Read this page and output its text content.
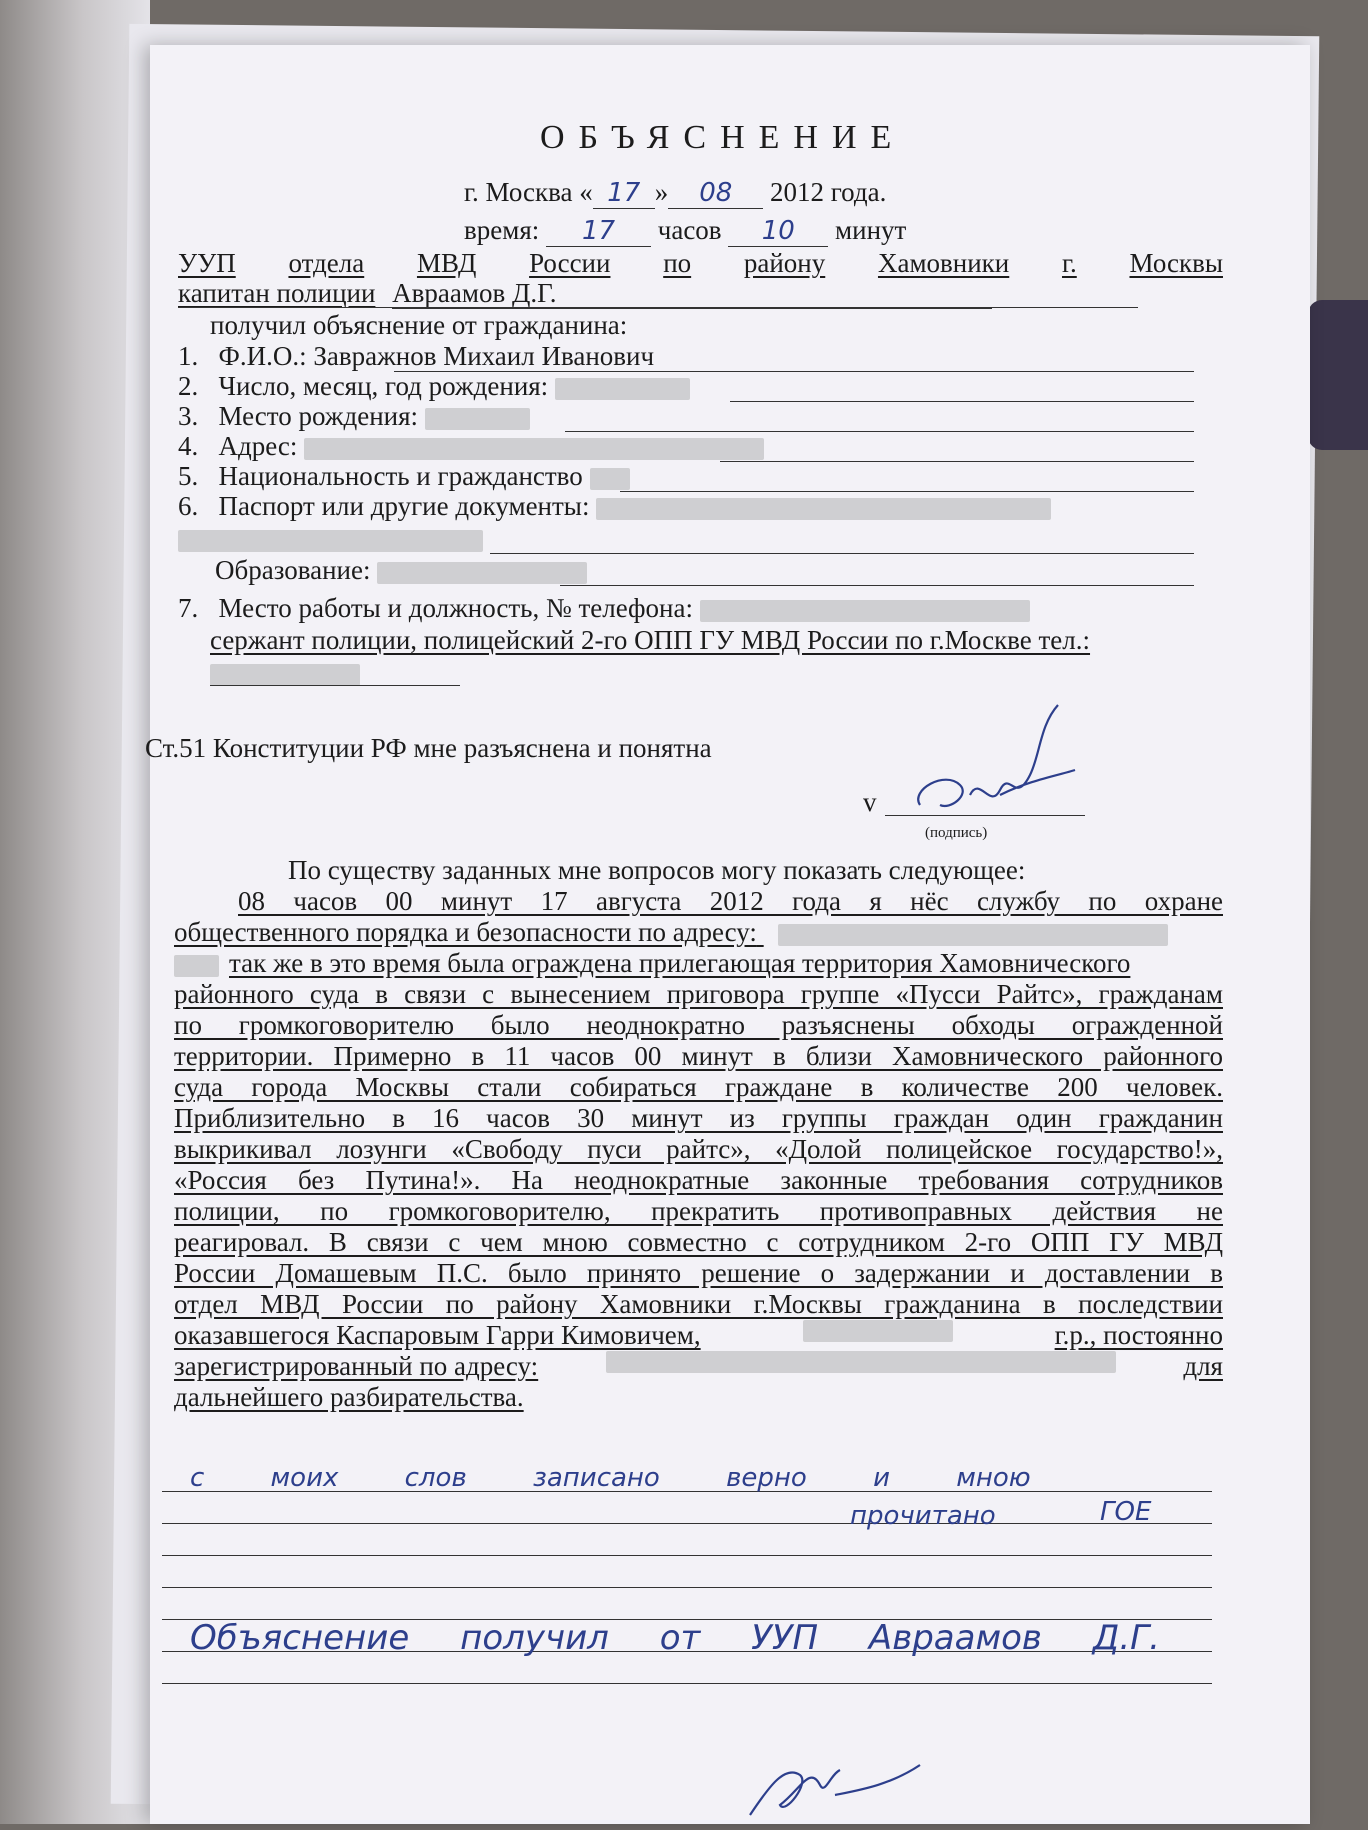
ОБЪЯСНЕНИЕ
г. Москва « 17 » 08 2012 года.
время: 17 часов 10 минут
УУП отдела МВД России по району Хамовники г. Москвы
капитан полиции Авраамов Д.Г.
получил объяснение от гражданина:
1. Ф.И.О.: Завражнов Михаил Иванович
2. Число, месяц, год рождения:
3. Место рождения:
4. Адрес:
5. Национальность и гражданство
6. Паспорт или другие документы:
Образование:
7. Место работы и должность, № телефона:
сержант полиции, полицейский 2-го ОПП ГУ МВД России по г.Москве тел.:
Ст.51 Конституции РФ мне разъяснена и понятна
v
(подпись)
По существу заданных мне вопросов могу показать следующее:
08 часов 00 минут 17 августа 2012 года я нёс службу по охране
общественного порядка и безопасности по адресу:
так же в это время была ограждена прилегающая территория Хамовнического
районного суда в связи с вынесением приговора группе «Пусси Райтс», гражданам
по громкоговорителю было неоднократно разъяснены обходы огражденной
территории. Примерно в 11 часов 00 минут в близи Хамовнического районного
суда города Москвы стали собираться граждане в количестве 200 человек.
Приблизительно в 16 часов 30 минут из группы граждан один гражданин
выкрикивал лозунги «Свободу пуси райтс», «Долой полицейское государство!»,
«Россия без Путина!». На неоднократные законные требования сотрудников
полиции, по громкоговорителю, прекратить противоправных действия не
реагировал. В связи с чем мною совместно с сотрудником 2-го ОПП ГУ МВД
России Домашевым П.С. было принято решение о задержании и доставлении в
отдел МВД России по району Хамовники г.Москвы гражданина в последствии
оказавшегося Каспаровым Гарри Кимовичем,	г.р., постоянно
зарегистрированный по адресу:	для
дальнейшего разбирательства.
с моих слов записано верно и мною
прочитано	ГОЕ
Объяснение получил от УУП Авраамов Д.Г.
